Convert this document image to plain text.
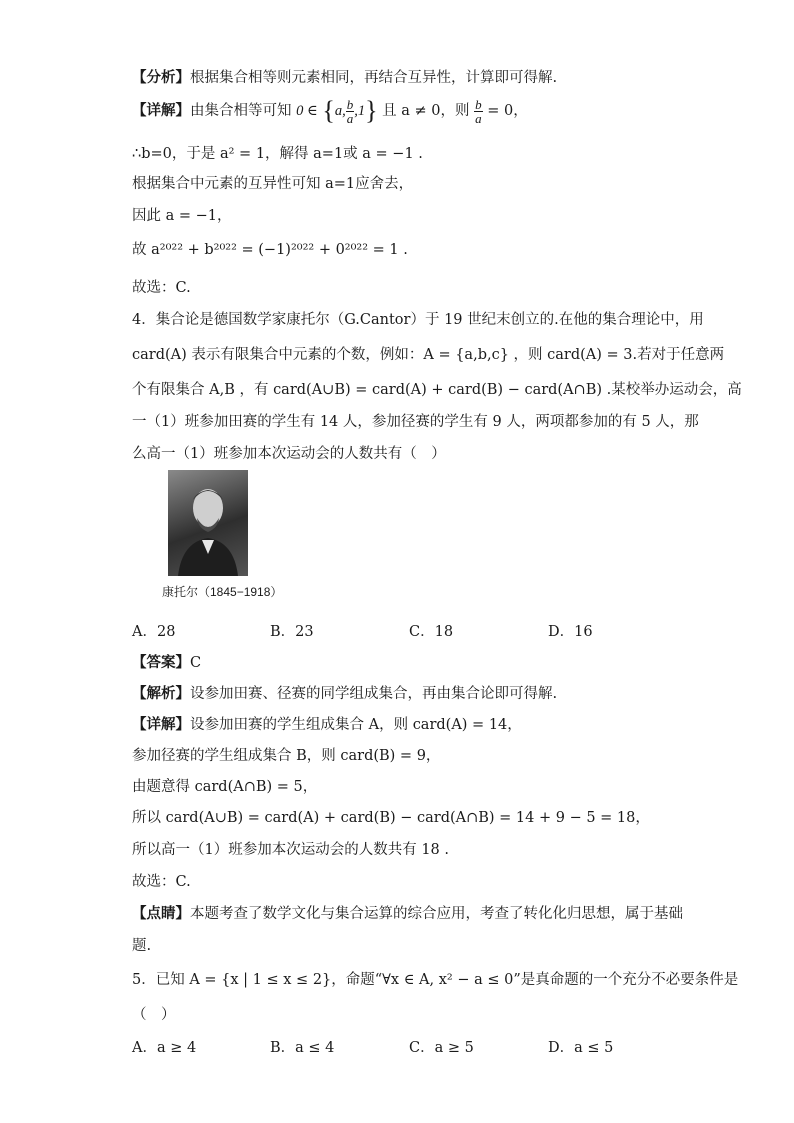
【分析】根据集合相等则元素相同，再结合互异性，计算即可得解.
【详解】由集合相等可知 0 ∈ {a, $\frac{b}{a} ,1$} 且 a ≠ 0，则 $\frac{b}{a} = 0$，
∴b=0，于是 a² = 1，解得 a=1或 a = −1 .
根据集合中元素的互异性可知 a=1应舍去，
因此 a = −1，
故 a²⁰²² + b²⁰²² = (−1)²⁰²² + 0²⁰²² = 1 .
故选：C.
4．集合论是德国数学家康托尔（G.Cantor）于 19 世纪末创立的.在他的集合理论中，用
card(A) 表示有限集合中元素的个数，例如：A = {a,b,c} ，则 card(A) = 3.若对于任意两
个有限集合 A,B ，有 card(A∪B) = card(A) + card(B) − card(A∩B) .某校举办运动会，高
一（1）班参加田赛的学生有 14 人，参加径赛的学生有 9 人，两项都参加的有 5 人，那
么高一（1）班参加本次运动会的人数共有（　）
康托尔（1845−1918）
A．28	B．23	C．18	D．16
【答案】C
【解析】设参加田赛、径赛的同学组成集合，再由集合论即可得解.
【详解】设参加田赛的学生组成集合 A，则 card(A) = 14，
参加径赛的学生组成集合 B，则 card(B) = 9，
由题意得 card(A∩B) = 5，
所以 card(A∪B) = card(A) + card(B) − card(A∩B) = 14 + 9 − 5 = 18，
所以高一（1）班参加本次运动会的人数共有 18 .
故选：C.
【点睛】本题考查了数学文化与集合运算的综合应用，考查了转化化归思想，属于基础
题.
5．已知 A = {x | 1 ≤ x ≤ 2}，命题“∀x ∈ A, x² − a ≤ 0”是真命题的一个充分不必要条件是
（　）
A．a ≥ 4	B．a ≤ 4	C．a ≥ 5	D．a ≤ 5
